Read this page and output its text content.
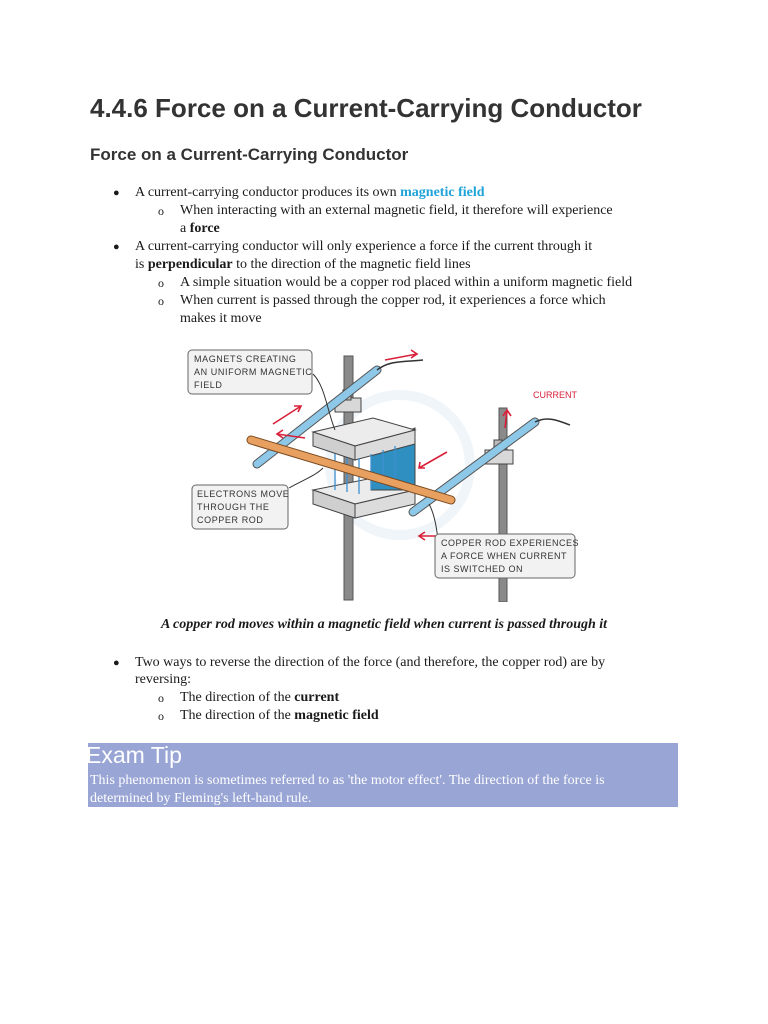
4.4.6 Force on a Current-Carrying Conductor
Force on a Current-Carrying Conductor
● A current-carrying conductor produces its own magnetic field
o When interacting with an external magnetic field, it therefore will experience
a force
● A current-carrying conductor will only experience a force if the current through it
is perpendicular to the direction of the magnetic field lines
o A simple situation would be a copper rod placed within a uniform magnetic field
o When current is passed through the copper rod, it experiences a force which
makes it move
MAGNETS CREATING
AN UNIFORM MAGNETIC
FIELD
ELECTRONS MOVE
THROUGH THE
COPPER ROD
COPPER ROD EXPERIENCES
A FORCE WHEN CURRENT
IS SWITCHED ON
CURRENT
A copper rod moves within a magnetic field when current is passed through it
● Two ways to reverse the direction of the force (and therefore, the copper rod) are by
reversing:
o The direction of the current
o The direction of the magnetic field
Exam Tip
This phenomenon is sometimes referred to as 'the motor effect'. The direction of the force is
determined by Fleming's left-hand rule.
